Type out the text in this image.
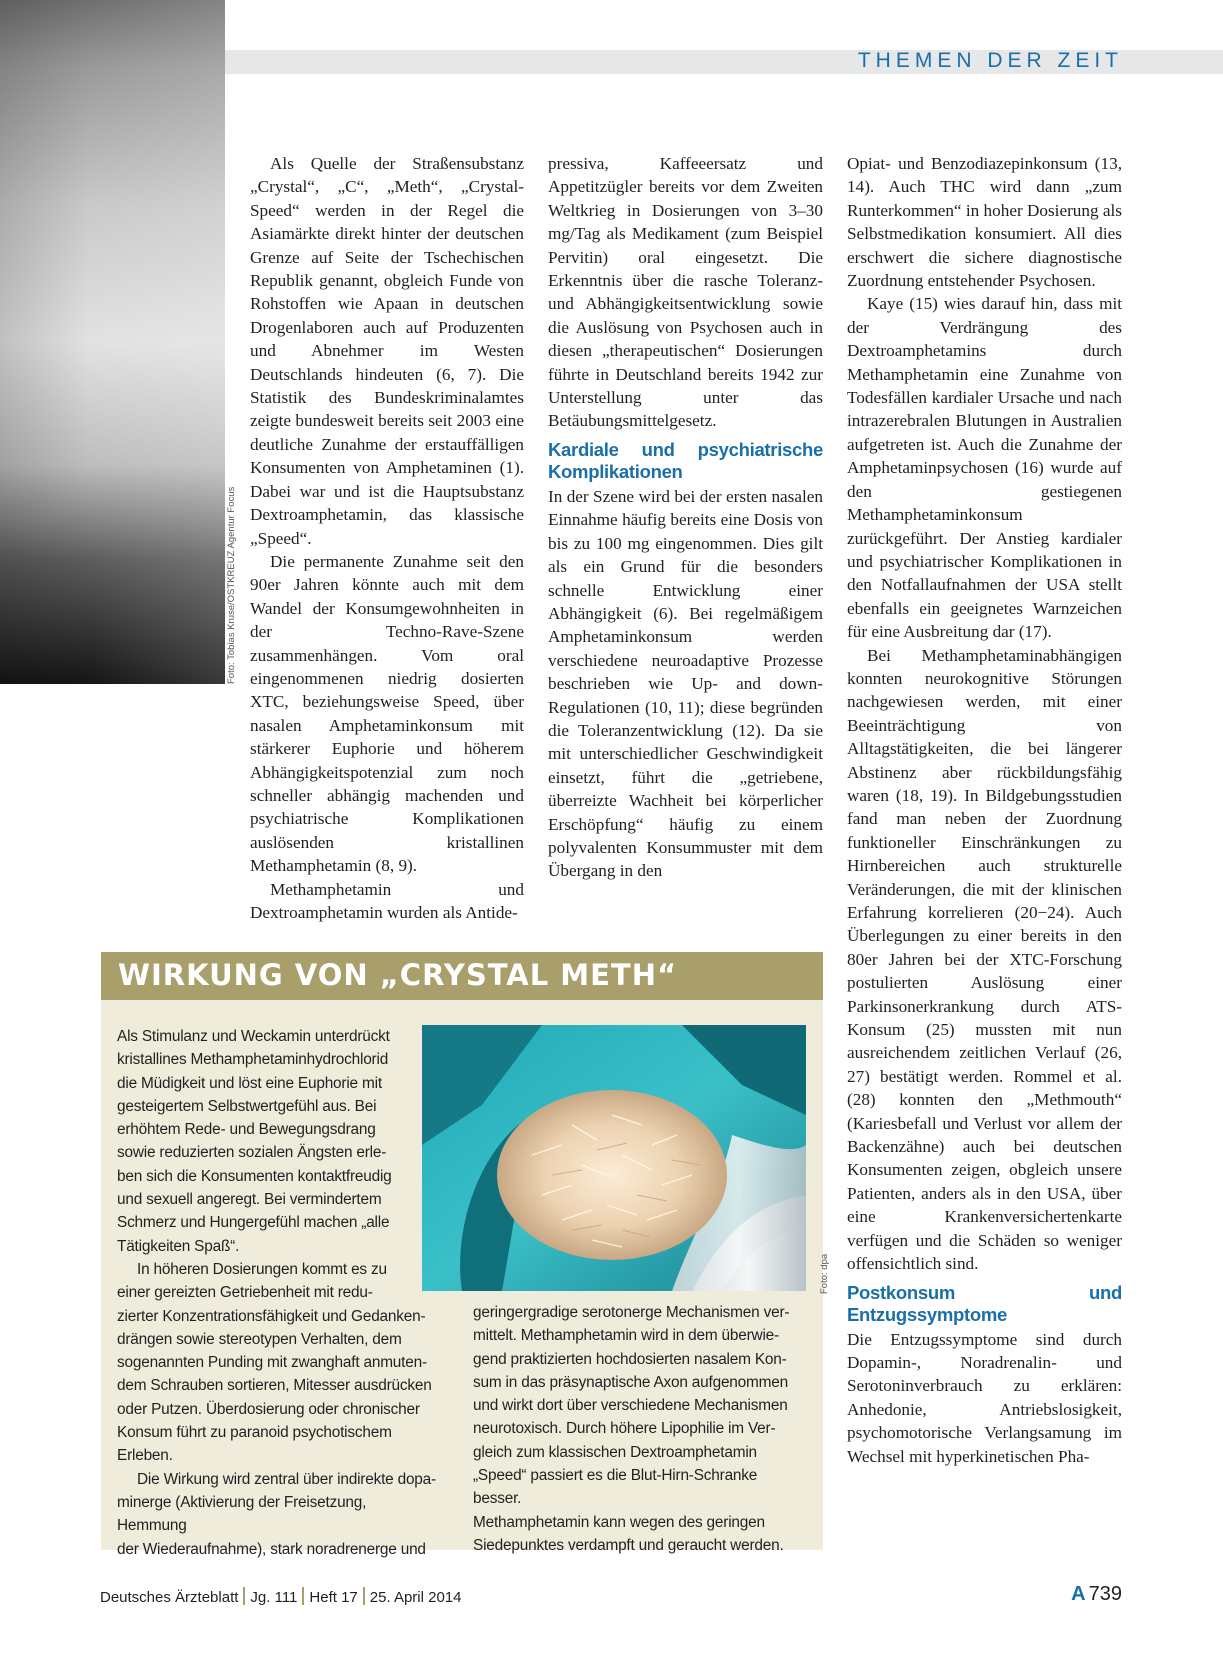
Foto: Tobias Kruse/OSTKREUZ Agentur Focus
THEMEN DER ZEIT

Als Quelle der Straßensubstanz „Crystal“, „C“, „Meth“, „Crystal-Speed“ werden in der Regel die Asiamärkte direkt hinter der deutschen Grenze auf Seite der Tschechischen Republik genannt, obgleich Funde von Rohstoffen wie Apaan in deutschen Drogenlaboren auch auf Produzenten und Abnehmer im Westen Deutschlands hindeuten (6, 7). Die Statistik des Bundeskriminalamtes zeigte bundesweit bereits seit 2003 eine deutliche Zunahme der erstauffälligen Konsumenten von Amphetaminen (1). Dabei war und ist die Hauptsubstanz Dextroamphetamin, das klassische „Speed“.

Die permanente Zunahme seit den 90er Jahren könnte auch mit dem Wandel der Konsumgewohnheiten in der Techno-Rave-Szene zusammenhängen. Vom oral eingenommenen niedrig dosierten XTC, beziehungsweise Speed, über nasalen Amphetaminkonsum mit stärkerer Euphorie und höherem Abhängigkeitspotenzial zum noch schneller abhängig machenden und psychiatrische Komplikationen auslösenden kristallinen Methamphetamin (8, 9).

Methamphetamin und Dextroamphetamin wurden als Antide-

pressiva, Kaffeeersatz und Appetitzügler bereits vor dem Zweiten Weltkrieg in Dosierungen von 3–30 mg/Tag als Medikament (zum Beispiel Pervitin) oral eingesetzt. Die Erkenntnis über die rasche Toleranz- und Abhängigkeitsentwicklung sowie die Auslösung von Psychosen auch in diesen „therapeutischen“ Dosierungen führte in Deutschland bereits 1942 zur Unterstellung unter das Betäubungsmittelgesetz.

Kardiale und psychiatrische Komplikationen

In der Szene wird bei der ersten nasalen Einnahme häufig bereits eine Dosis von bis zu 100 mg eingenommen. Dies gilt als ein Grund für die besonders schnelle Entwicklung einer Abhängigkeit (6). Bei regelmäßigem Amphetaminkonsum werden verschiedene neuroadaptive Prozesse beschrieben wie Up- and down-Regulationen (10, 11); diese begründen die Toleranzentwicklung (12). Da sie mit unterschiedlicher Geschwindigkeit einsetzt, führt die „getriebene, überreizte Wachheit bei körperlicher Erschöpfung“ häufig zu einem polyvalenten Konsummuster mit dem Übergang in den

Opiat- und Benzodiazepinkonsum (13, 14). Auch THC wird dann „zum Runterkommen“ in hoher Dosierung als Selbstmedikation konsumiert. All dies erschwert die sichere diagnostische Zuordnung entstehender Psychosen.

Kaye (15) wies darauf hin, dass mit der Verdrängung des Dextroamphetamins durch Methamphetamin eine Zunahme von Todesfällen kardialer Ursache und nach intrazerebralen Blutungen in Australien aufgetreten ist. Auch die Zunahme der Amphetaminpsychosen (16) wurde auf den gestiegenen Methamphetaminkonsum zurückgeführt. Der Anstieg kardialer und psychiatrischer Komplikationen in den Notfallaufnahmen der USA stellt ebenfalls ein geeignetes Warnzeichen für eine Ausbreitung dar (17).

Bei Methamphetaminabhängigen konnten neurokognitive Störungen nachgewiesen werden, mit einer Beeinträchtigung von Alltagstätigkeiten, die bei längerer Abstinenz aber rückbildungsfähig waren (18, 19). In Bildgebungsstudien fand man neben der Zuordnung funktioneller Einschränkungen zu Hirnbereichen auch strukturelle Veränderungen, die mit der klinischen Erfahrung korrelieren (20−24). Auch Überlegungen zu einer bereits in den 80er Jahren bei der XTC-Forschung postulierten Auslösung einer Parkinsonerkrankung durch ATS-Konsum (25) mussten mit nun ausreichendem zeitlichen Verlauf (26, 27) bestätigt werden. Rommel et al. (28) konnten den „Methmouth“ (Kariesbefall und Verlust vor allem der Backenzähne) auch bei deutschen Konsumenten zeigen, obgleich unsere Patienten, anders als in den USA, über eine Krankenversichertenkarte verfügen und die Schäden so weniger offensichtlich sind.

Postkonsum und Entzugssymptome

Die Entzugssymptome sind durch Dopamin-, Noradrenalin- und Serotoninverbrauch zu erklären: Anhedonie, Antriebslosigkeit, psychomotorische Verlangsamung im Wechsel mit hyperkinetischen Pha-

WIRKUNG VON „CRYSTAL METH“

Als Stimulanz und Weckamin unterdrückt
kristallines Methamphetaminhydrochlorid
die Müdigkeit und löst eine Euphorie mit
gesteigertem Selbstwertgefühl aus. Bei
erhöhtem Rede- und Bewegungsdrang
sowie reduzierten sozialen Ängsten erle-
ben sich die Konsumenten kontaktfreudig
und sexuell angeregt. Bei vermindertem
Schmerz und Hungergefühl machen „alle
Tätigkeiten Spaß“.

In höheren Dosierungen kommt es zu
einer gereizten Getriebenheit mit redu-
zierter Konzentrationsfähigkeit und Gedanken-
drängen sowie stereotypen Verhalten, dem
sogenannten Punding mit zwanghaft anmuten-
dem Schrauben sortieren, Mitesser ausdrücken
oder Putzen. Überdosierung oder chronischer
Konsum führt zu paranoid psychotischem
Erleben.

Die Wirkung wird zentral über indirekte dopa-
minerge (Aktivierung der Freisetzung, Hemmung
der Wiederaufnahme), stark noradrenerge und

geringergradige serotonerge Mechanismen ver-
mittelt. Methamphetamin wird in dem überwie-
gend praktizierten hochdosierten nasalem Kon-
sum in das präsynaptische Axon aufgenommen
und wirkt dort über verschiedene Mechanismen
neurotoxisch. Durch höhere Lipophilie im Ver-
gleich zum klassischen Dextroamphetamin
„Speed“ passiert es die Blut-Hirn-Schranke besser.
Methamphetamin kann wegen des geringen
Siedepunktes verdampft und geraucht werden.

Foto: dpa
Deutsches Ärzteblatt Jg. 111 Heft 17 25. April 2014	A 739
